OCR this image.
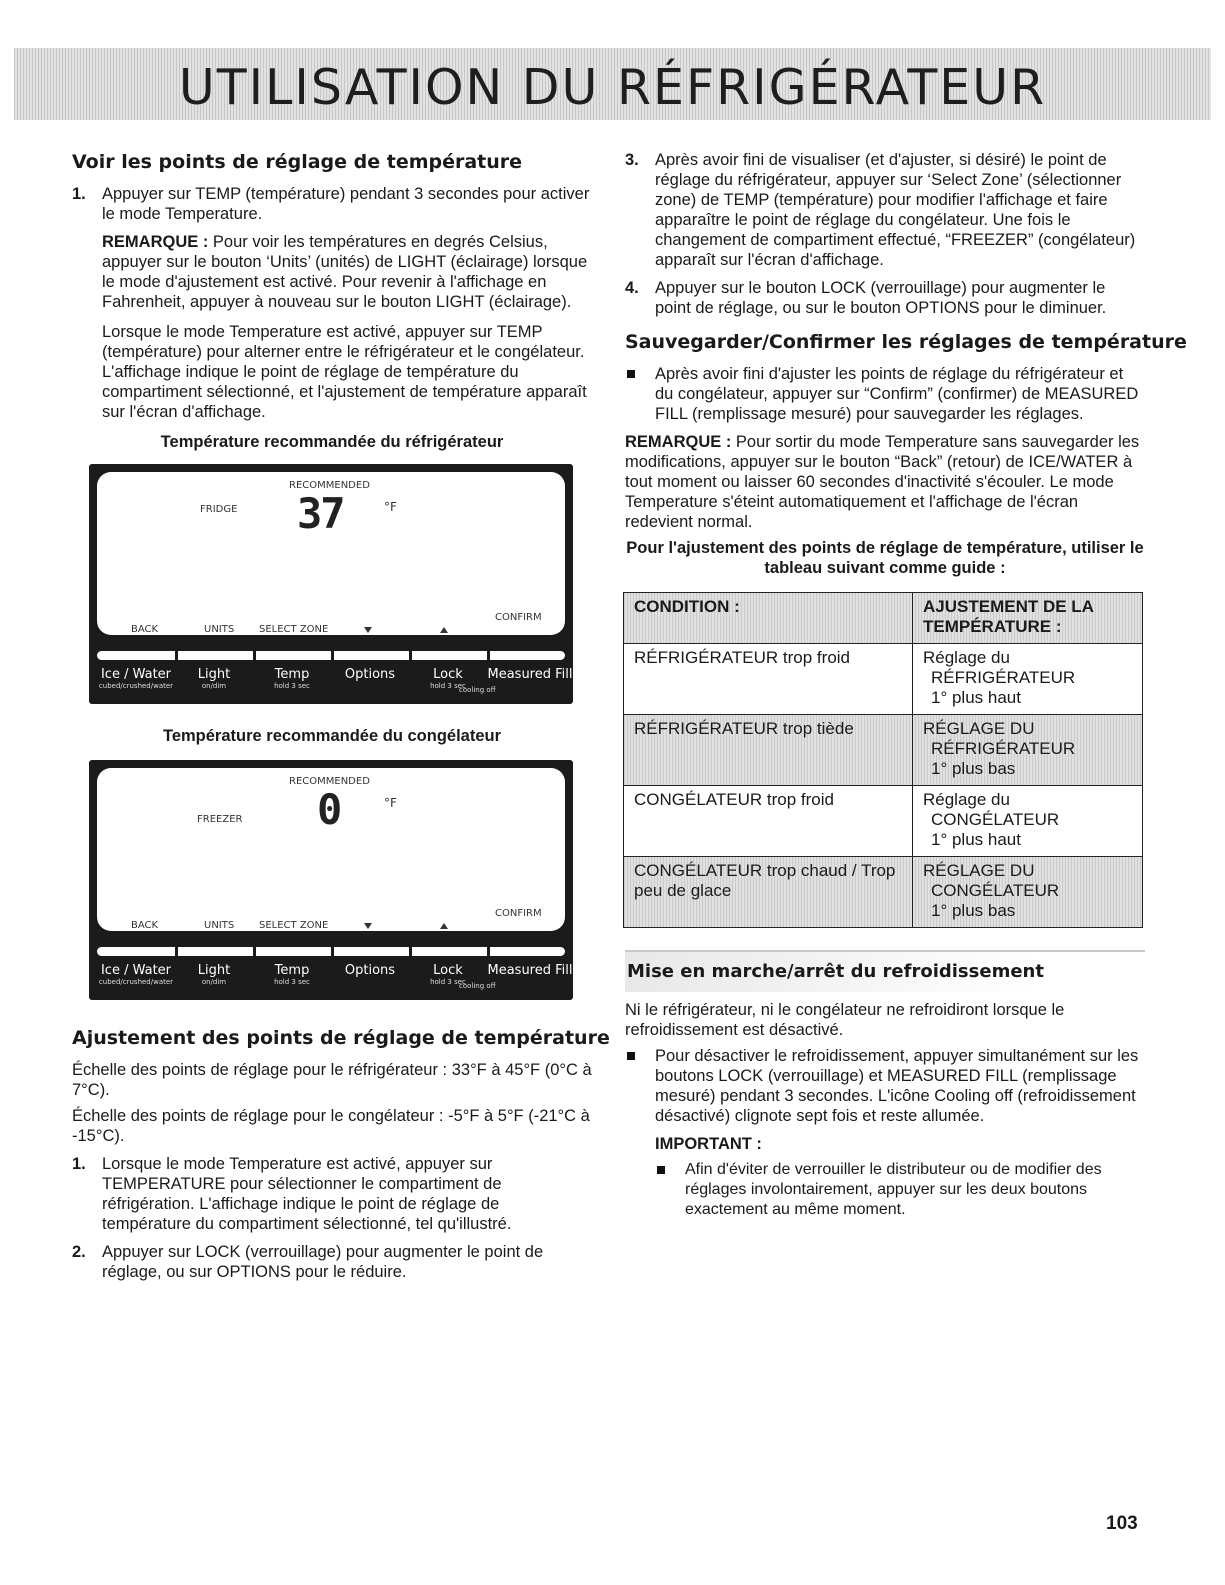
UTILISATION DU RÉFRIGÉRATEUR
Voir les points de réglage de température
1. Appuyer sur TEMP (température) pendant 3 secondes pour activer le mode Temperature.

REMARQUE : Pour voir les températures en degrés Celsius, appuyer sur le bouton ‘Units’ (unités) de LIGHT (éclairage) lorsque le mode d'ajustement est activé. Pour revenir à l'affichage en Fahrenheit, appuyer à nouveau sur le bouton LIGHT (éclairage).

Lorsque le mode Temperature est activé, appuyer sur TEMP (température) pour alterner entre le réfrigérateur et le congélateur. L'affichage indique le point de réglage de température du compartiment sélectionné, et l'ajustement de température apparaît sur l'écran d'affichage.

Température recommandée du réfrigérateur
RECOMMENDED
FRIDGE 37	°F
CONFIRM
BACK	UNITS SELECT ZONE
Ice / Water
cubed/crushed/water
Light
on/dim
Temp
hold 3 sec
Options	Lock
hold 3 sec
Measured Fill
cooling off
Température recommandée du congélateur
RECOMMENDED
FREEZER 0	°F
CONFIRM
BACK	UNITS SELECT ZONE
Ice / Water
cubed/crushed/water
Light
on/dim
Temp
hold 3 sec
Options	Lock
hold 3 sec
Measured Fill
cooling off
Ajustement des points de réglage de température

Échelle des points de réglage pour le réfrigérateur : 33°F à 45°F (0°C à 7°C).

Échelle des points de réglage pour le congélateur : -5°F à 5°F (-21°C à -15°C).

1. Lorsque le mode Temperature est activé, appuyer sur TEMPERATURE pour sélectionner le compartiment de réfrigération. L'affichage indique le point de réglage de température du compartiment sélectionné, tel qu'illustré.
2. Appuyer sur LOCK (verrouillage) pour augmenter le point de réglage, ou sur OPTIONS pour le réduire.
3. Après avoir fini de visualiser (et d'ajuster, si désiré) le point de réglage du réfrigérateur, appuyer sur ‘Select Zone’ (sélectionner zone) de TEMP (température) pour modifier l'affichage et faire apparaître le point de réglage du congélateur. Une fois le changement de compartiment effectué, “FREEZER” (congélateur) apparaît sur l'écran d'affichage.
4. Appuyer sur le bouton LOCK (verrouillage) pour augmenter le point de réglage, ou sur le bouton OPTIONS pour le diminuer.
Sauvegarder/Confirmer les réglages de température
Après avoir fini d'ajuster les points de réglage du réfrigérateur et du congélateur, appuyer sur “Confirm” (confirmer) de MEASURED FILL (remplissage mesuré) pour sauvegarder les réglages.

REMARQUE : Pour sortir du mode Temperature sans sauvegarder les modifications, appuyer sur le bouton “Back” (retour) de ICE/WATER à tout moment ou laisser 60 secondes d'inactivité s'écouler. Le mode Temperature s'éteint automatiquement et l'affichage de l'écran redevient normal.

Pour l'ajustement des points de réglage de température, utiliser le tableau suivant comme guide :
CONDITION :	AJUSTEMENT DE LA TEMPÉRATURE :
RÉFRIGÉRATEUR trop froid	Réglage du
RÉFRIGÉRATEUR
1° plus haut

RÉFRIGÉRATEUR trop tiède	RÉGLAGE DU
RÉFRIGÉRATEUR
1° plus bas

CONGÉLATEUR trop froid	Réglage du
CONGÉLATEUR
1° plus haut

CONGÉLATEUR trop chaud / Trop peu de glace	RÉGLAGE DU
CONGÉLATEUR
1° plus bas
Mise en marche/arrêt du refroidissement

Ni le réfrigérateur, ni le congélateur ne refroidiront lorsque le refroidissement est désactivé.

Pour désactiver le refroidissement, appuyer simultanément sur les boutons LOCK (verrouillage) et MEASURED FILL (remplissage mesuré) pendant 3 secondes. L'icône Cooling off (refroidissement désactivé) clignote sept fois et reste allumée.

IMPORTANT :

Afin d'éviter de verrouiller le distributeur ou de modifier des réglages involontairement, appuyer sur les deux boutons exactement au même moment.
103
